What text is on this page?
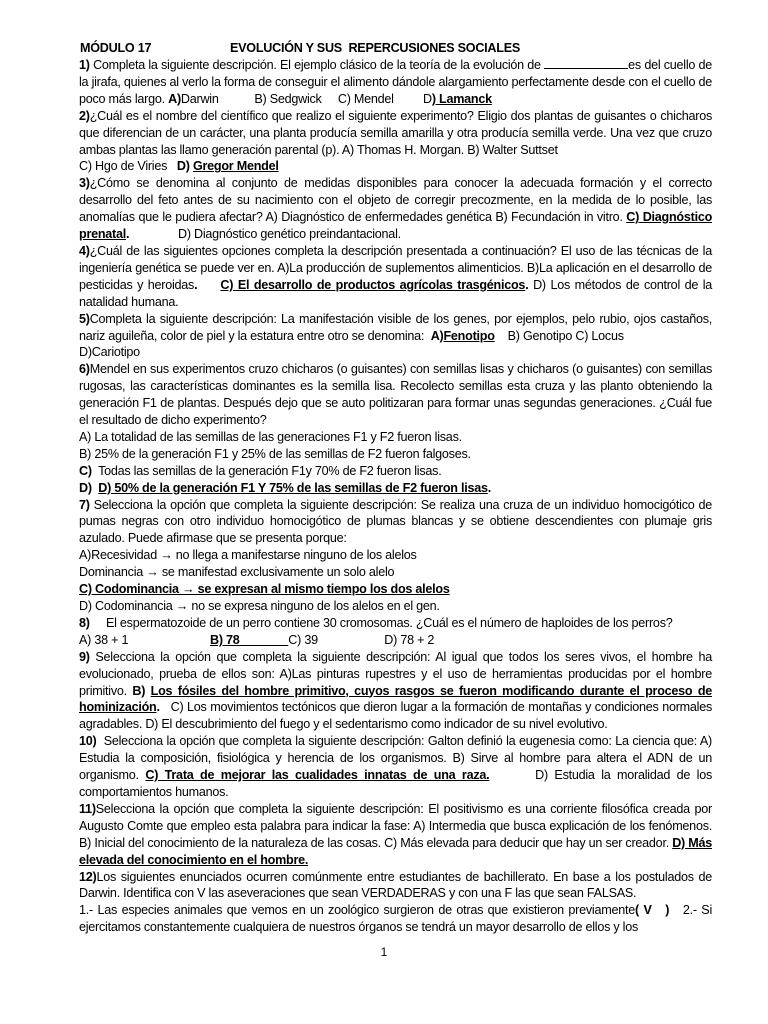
MÓDULO 17	EVOLUCIÓN Y SUS  REPERCUSIONES SOCIALES
1) Completa la siguiente descripción. El ejemplo clásico de la teoría de la evolución de	es del cuello de la jirafa, quienes al verlo la forma de conseguir el alimento dándole alargamiento perfectamente desde con el cuello de poco más largo. A)Darwin	B) Sedgwick C) Mendel D) Lamanck
2)¿Cuál es el nombre del científico que realizo el siguiente experimento? Eligio dos plantas de guisantes o chicharos que diferencian de un carácter, una planta producía semilla amarilla y otra producía semilla verde. Una vez que cruzo ambas plantas las llamo generación parental (p). A) Thomas H. Morgan. B) Walter Suttset
C) Hgo de Viries D) Gregor Mendel
3)¿Cómo se denomina al conjunto de medidas disponibles para conocer la adecuada formación y el correcto desarrollo del feto antes de su nacimiento con el objeto de corregir precozmente, en la medida de lo posible, las anomalías que le pudiera afectar? A) Diagnóstico de enfermedades genética B) Fecundación in vitro. C) Diagnóstico prenatal.	D) Diagnóstico genético preindantacional.
4)¿Cuál de las siguientes opciones completa la descripción presentada a continuación? El uso de las técnicas de la ingeniería genética se puede ver en. A)La producción de suplementos alimenticios. B)La aplicación en el desarrollo de pesticidas y heroidas. C) El desarrollo de productos agrícolas trasgénicos. D) Los métodos de control de la natalidad humana.
5)Completa la siguiente descripción: La manifestación visible de los genes, por ejemplos, pelo rubio, ojos castaños, nariz aguileña, color de piel y la estatura entre otro se denomina: A)Fenotipo B) Genotipo C) Locus
D)Cariotipo
6)Mendel en sus experimentos cruzo chicharos (o guisantes) con semillas lisas y chicharos (o guisantes) con semillas rugosas, las características dominantes es la semilla lisa. Recolecto semillas esta cruza y las planto obteniendo la generación F1 de plantas. Después dejo que se auto politizaran para formar unas segundas generaciones. ¿Cuál fue el resultado de dicho experimento?
A) La totalidad de las semillas de las generaciones F1 y F2 fueron lisas.
B) 25% de la generación F1 y 25% de las semillas de F2 fueron falgoses.
C) Todas las semillas de la generación F1y 70% de F2 fueron lisas.
D) D) 50% de la generación F1 Y 75% de las semillas de F2 fueron lisas.
7) Selecciona la opción que completa la siguiente descripción: Se realiza una cruza de un individuo homocigótico de pumas negras con otro individuo homocigótico de plumas blancas y se obtiene descendientes con plumaje gris azulado. Puede afirmase que se presenta porque:
A)Recesividad → no llega a manifestarse ninguno de los alelos
Dominancia → se manifestad exclusivamente un solo alelo
C) Codominancia → se expresan al mismo tiempo los dos alelos
D) Codominancia → no se expresa ninguno de los alelos en el gen.
8) El espermatozoide de un perro contiene 30 cromosomas. ¿Cuál es el número de haploides de los perros?
A) 38 + 1	B) 78	C) 39	D) 78 + 2
9) Selecciona la opción que completa la siguiente descripción: Al igual que todos los seres vivos, el hombre ha evolucionado, prueba de ellos son: A)Las pinturas rupestres y el uso de herramientas producidas por el hombre primitivo. B) Los fósiles del hombre primitivo, cuyos rasgos se fueron modificando durante el proceso de hominización. C) Los movimientos tectónicos que dieron lugar a la formación de montañas y condiciones normales agradables. D) El descubrimiento del fuego y el sedentarismo como indicador de su nivel evolutivo.
10) Selecciona la opción que completa la siguiente descripción: Galton definió la eugenesia como: La ciencia que: A) Estudia la composición, fisiológica y herencia de los organismos. B) Sirve al hombre para altera el ADN de un organismo. C) Trata de mejorar las cualidades innatas de una raza.	D) Estudia la moralidad de los comportamientos humanos.
11)Selecciona la opción que completa la siguiente descripción: El positivismo es una corriente filosófica creada por Augusto Comte que empleo esta palabra para indicar la fase: A) Intermedia que busca explicación de los fenómenos. B) Inicial del conocimiento de la naturaleza de las cosas. C) Más elevada para deducir que hay un ser creador. D) Más elevada del conocimiento en el hombre.
12)Los siguientes enunciados ocurren comúnmente entre estudiantes de bachillerato. En base a los postulados de Darwin. Identifica con V las aseveraciones que sean VERDADERAS y con una F las que sean FALSAS.
1.- Las especies animales que vemos en un zoológico surgieron de otras que existieron previamente( V ) 2.- Si ejercitamos constantemente cualquiera de nuestros órganos se tendrá un mayor desarrollo de ellos y los
1
